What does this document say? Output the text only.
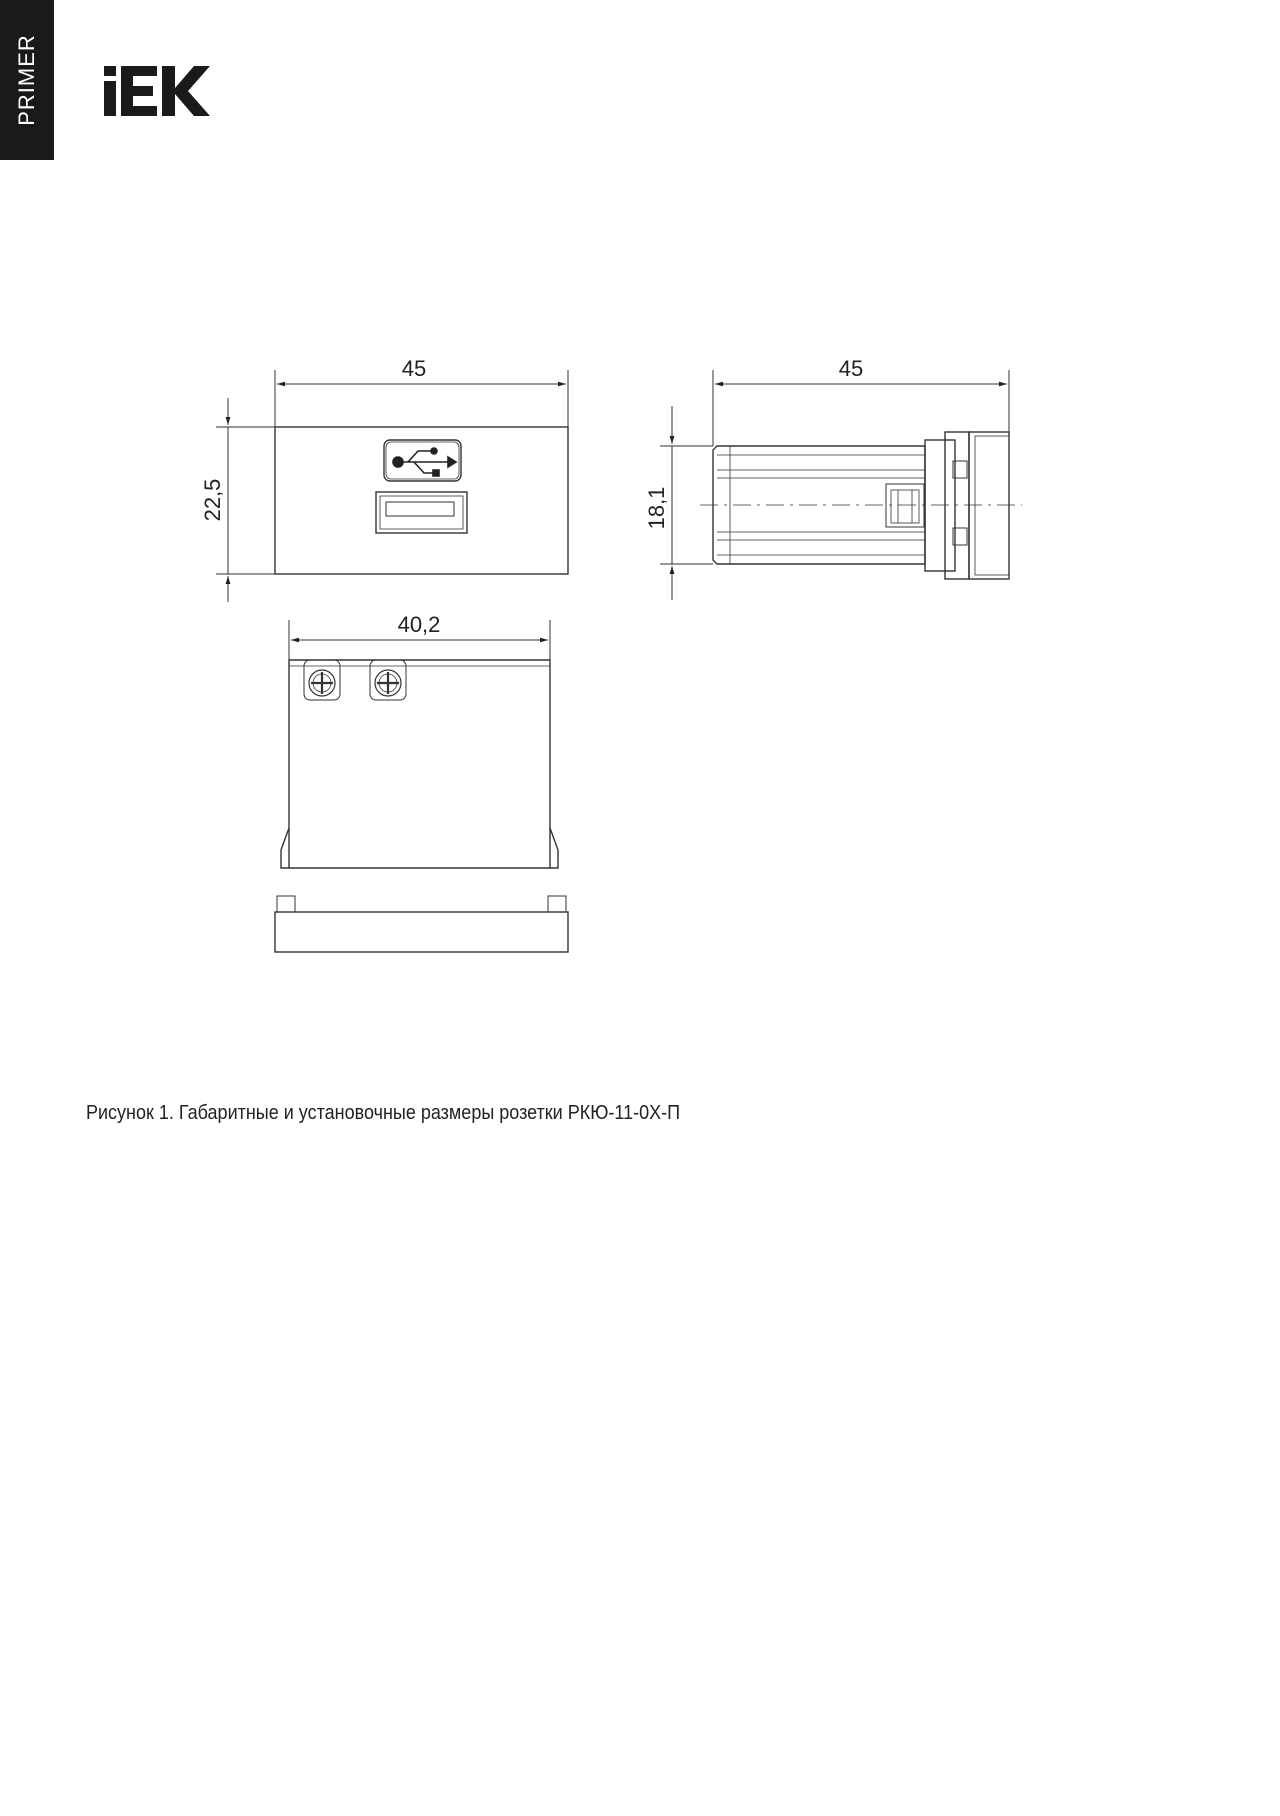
PRIMER
45
22,5
45
18,1
40,2
Рисунок 1. Габаритные и установочные размеры розетки РКЮ-11-0Х-П
